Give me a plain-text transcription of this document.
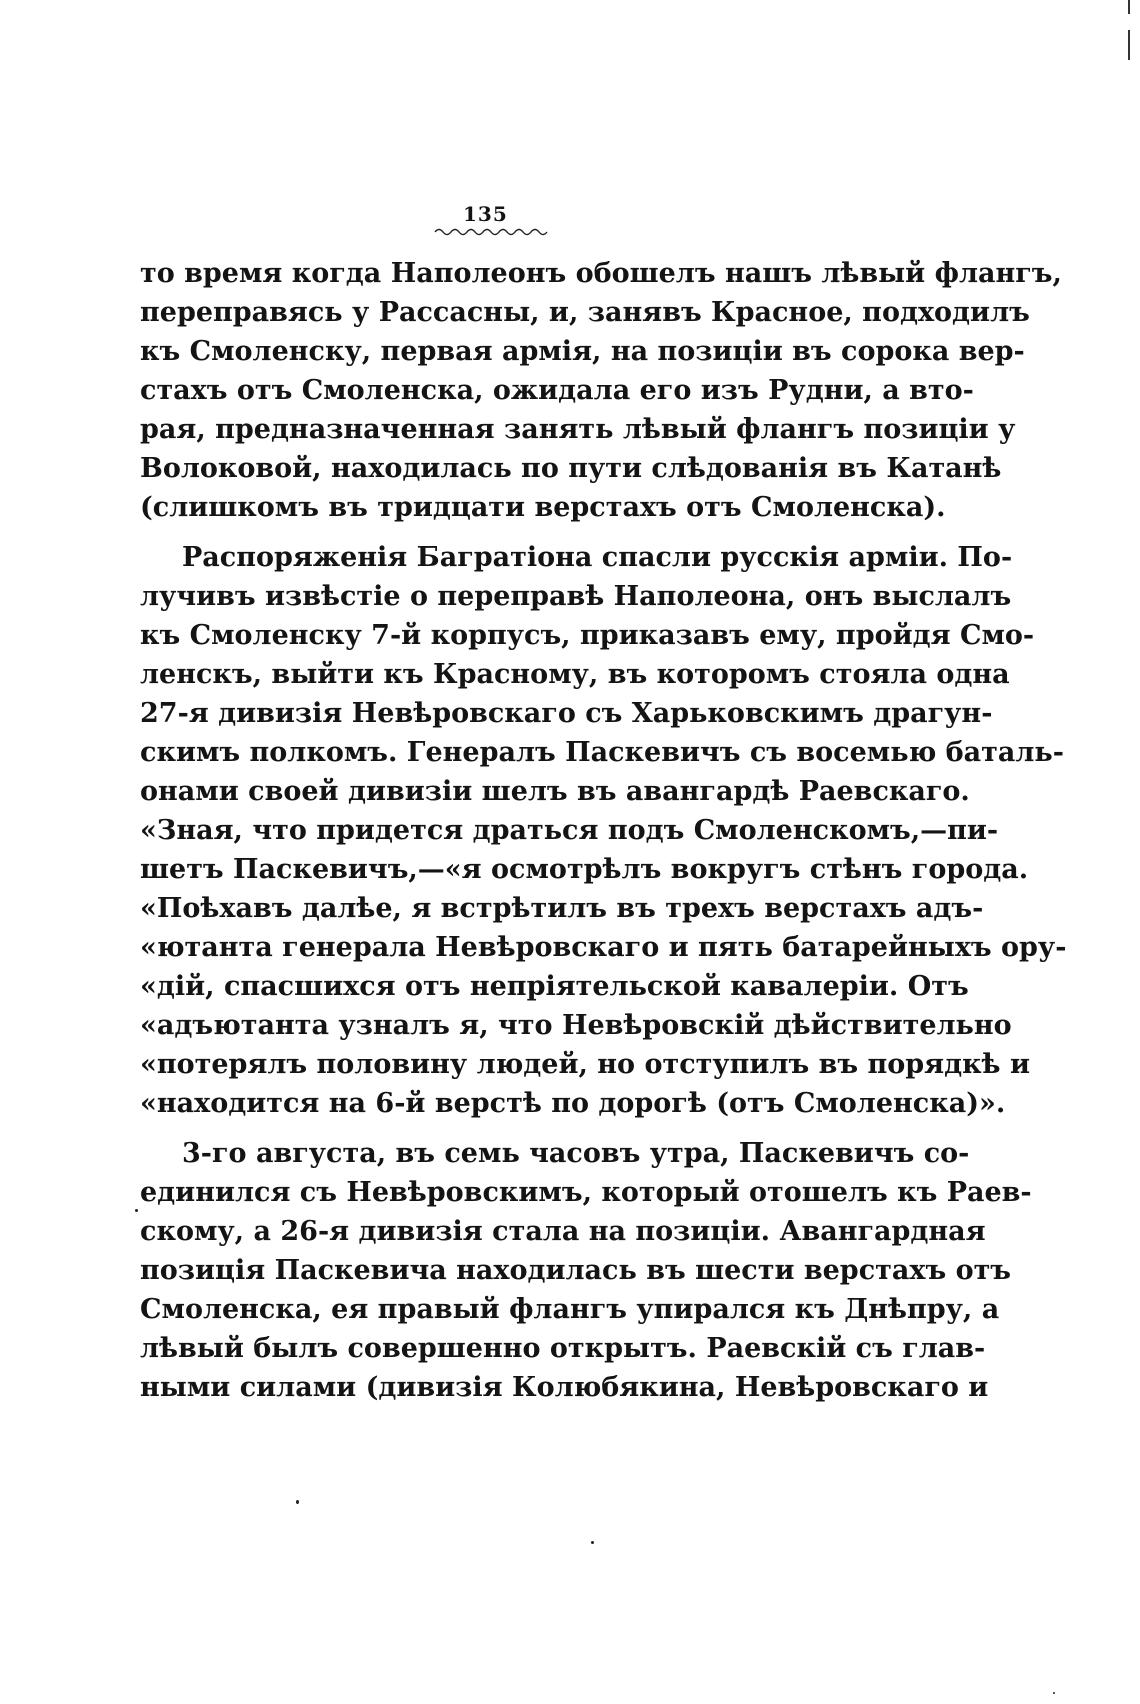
135
то время когда Наполеонъ обошелъ нашъ лѣвый флангъ,
переправясь у Рассасны, и, занявъ Красное, подходилъ
къ Смоленску, первая армія, на позиціи въ сорока вер-
стахъ отъ Смоленска, ожидала его изъ Рудни, а вто-
рая, предназначенная занять лѣвый флангъ позиціи у
Волоковой, находилась по пути слѣдованія въ Катанѣ
(слишкомъ въ тридцати верстахъ отъ Смоленска).
Распоряженія Багратіона спасли русскія арміи. По-
лучивъ извѣстіе о переправѣ Наполеона, онъ выслалъ
къ Смоленску 7-й корпусъ, приказавъ ему, пройдя Смо-
ленскъ, выйти къ Красному, въ которомъ стояла одна
27-я дивизія Невѣровскаго съ Харьковскимъ драгун-
скимъ полкомъ. Генералъ Паскевичъ съ восемью баталь-
онами своей дивизіи шелъ въ авангардѣ Раевскаго.
«Зная, что придется драться подъ Смоленскомъ,—пи-
шетъ Паскевичъ,—«я осмотрѣлъ вокругъ стѣнъ города.
«Поѣхавъ далѣе, я встрѣтилъ въ трехъ верстахъ адъ-
«ютанта генерала Невѣровскаго и пять батарейныхъ ору-
«дій, спасшихся отъ непріятельской кавалеріи. Отъ
«адъютанта узналъ я, что Невѣровскій дѣйствительно
«потерялъ половину людей, но отступилъ въ порядкѣ и
«находится на 6-й верстѣ по дорогѣ (отъ Смоленска)».
3-го августа, въ семь часовъ утра, Паскевичъ со-
единился съ Невѣровскимъ, который отошелъ къ Раев-
скому, а 26-я дивизія стала на позиціи. Авангардная
позиція Паскевича находилась въ шести верстахъ отъ
Смоленска, ея правый флангъ упирался къ Днѣпру, а
лѣвый былъ совершенно открытъ. Раевскій съ глав-
ными силами (дивизія Колюбякина, Невѣровскаго и
